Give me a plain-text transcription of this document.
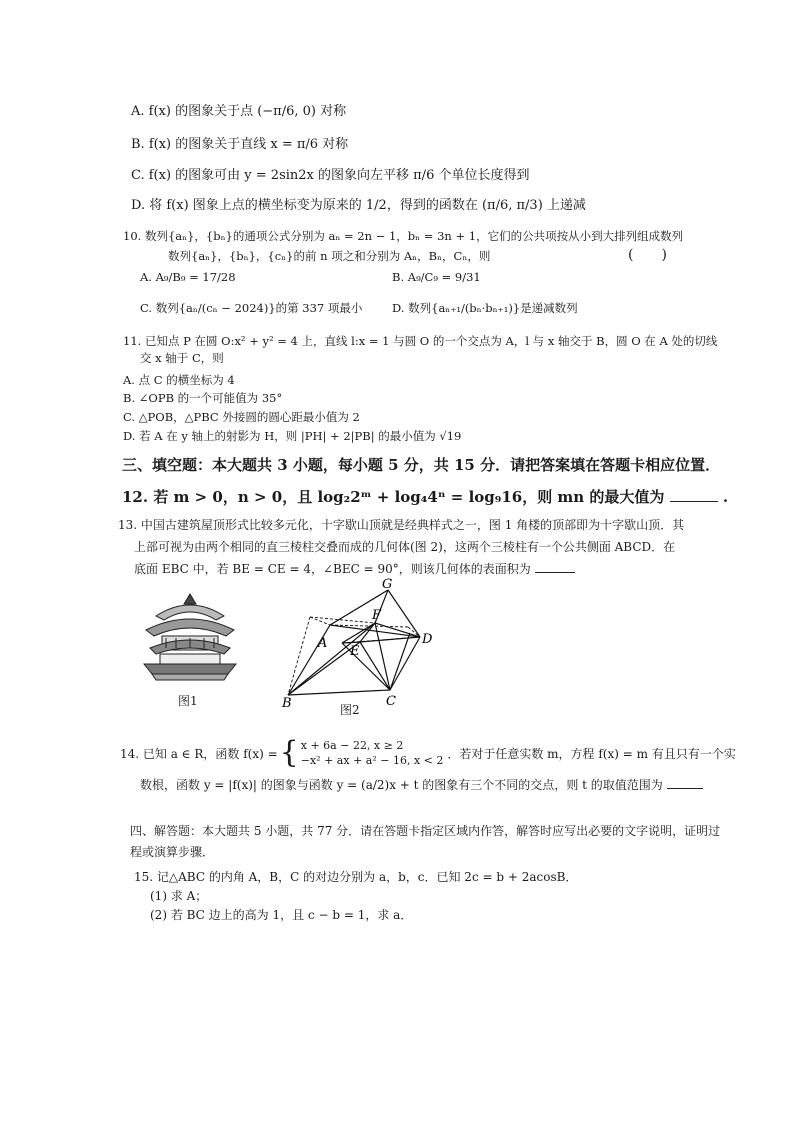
A. f(x) 的图象关于点 (−π/6, 0) 对称
B. f(x) 的图象关于直线 x = π/6 对称
C. f(x) 的图象可由 y = 2sin2x 的图象向左平移 π/6 个单位长度得到
D. 将 f(x) 图象上点的横坐标变为原来的 1/2，得到的函数在 (π/6, π/3) 上递减
10. 数列{aₙ}，{bₙ}的通项公式分别为 aₙ = 2n − 1，bₙ = 3n + 1，它们的公共项按从小到大排列组成数列
数列{aₙ}，{bₙ}，{cₙ}的前 n 项之和分别为 Aₙ，Bₙ，Cₙ，则	(　　)
A. A₉/B₉ = 17/28	B. A₉/C₉ = 9/31
C. 数列{aₙ/(cₙ − 2024)}的第 337 项最小	D. 数列{aₙ₊₁/(bₙ·bₙ₊₁)}是递减数列
11. 已知点 P 在圆 O:x² + y² = 4 上，直线 l:x = 1 与圆 O 的一个交点为 A，l 与 x 轴交于 B，圆 O 在 A 处的切线
交 x 轴于 C，则
A. 点 C 的横坐标为 4
B. ∠OPB 的一个可能值为 35°
C. △POB，△PBC 外接圆的圆心距最小值为 2
D. 若 A 在 y 轴上的射影为 H，则 |PH| + 2|PB| 的最小值为 √19
三、填空题：本大题共 3 小题，每小题 5 分，共 15 分．请把答案填在答题卡相应位置．
12. 若 m > 0，n > 0，且 log₂2ᵐ + log₄4ⁿ = log₉16，则 mn 的最大值为	.
13. 中国古建筑屋顶形式比较多元化，十字歇山顶就是经典样式之一，图 1 角楼的顶部即为十字歇山顶．其
上部可视为由两个相同的直三棱柱交叠而成的几何体(图 2)，这两个三棱柱有一个公共侧面 ABCD．在
底面 EBC 中，若 BE = CE = 4，∠BEC = 90°，则该几何体的表面积为
图1
G
F
A
E
D
B	C
图2
14. 已知 a ∈ R，函数 f(x) = { x + 6a − 22, x ≥ 2
−x² + ax + a² − 16, x < 2 ．若对于任意实数 m，方程 f(x) = m 有且只有一个实
数根，函数 y = |f(x)| 的图象与函数 y = (a/2)x + t 的图象有三个不同的交点，则 t 的取值范围为
四、解答题：本大题共 5 小题，共 77 分．请在答题卡指定区域内作答，解答时应写出必要的文字说明，证明过
程或演算步骤．
15. 记△ABC 的内角 A，B，C 的对边分别为 a，b，c．已知 2c = b + 2acosB．
(1) 求 A；
(2) 若 BC 边上的高为 1，且 c − b = 1，求 a．
